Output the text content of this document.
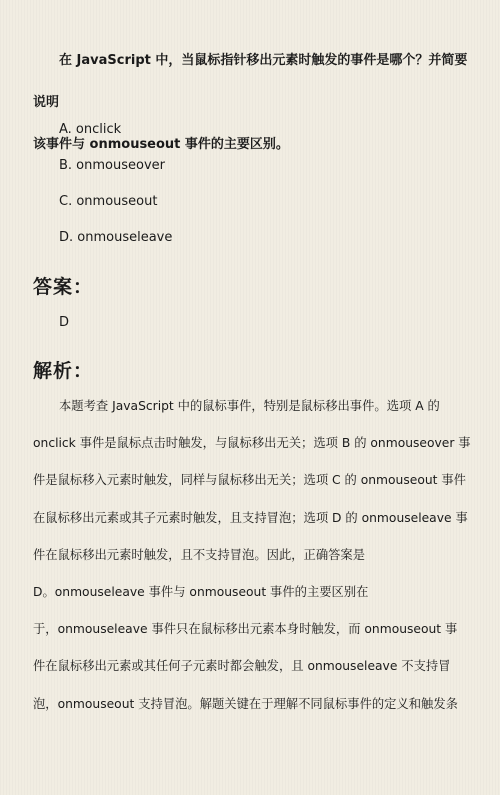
在 JavaScript 中，当鼠标指针移出元素时触发的事件是哪个？并简要说明
该事件与 onmouseout 事件的主要区别。

A. onclick
B. onmouseover
C. onmouseout
D. onmouseleave
答案：
D
解析：

本题考查 JavaScript 中的鼠标事件，特别是鼠标移出事件。选项 A 的
onclick 事件是鼠标点击时触发，与鼠标移出无关；选项 B 的 onmouseover 事
件是鼠标移入元素时触发，同样与鼠标移出无关；选项 C 的 onmouseout 事件
在鼠标移出元素或其子元素时触发，且支持冒泡；选项 D 的 onmouseleave 事
件在鼠标移出元素时触发，且不支持冒泡。因此，正确答案是
D。onmouseleave 事件与 onmouseout 事件的主要区别在
于，onmouseleave 事件只在鼠标移出元素本身时触发，而 onmouseout 事
件在鼠标移出元素或其任何子元素时都会触发，且 onmouseleave 不支持冒
泡，onmouseout 支持冒泡。解题关键在于理解不同鼠标事件的定义和触发条
